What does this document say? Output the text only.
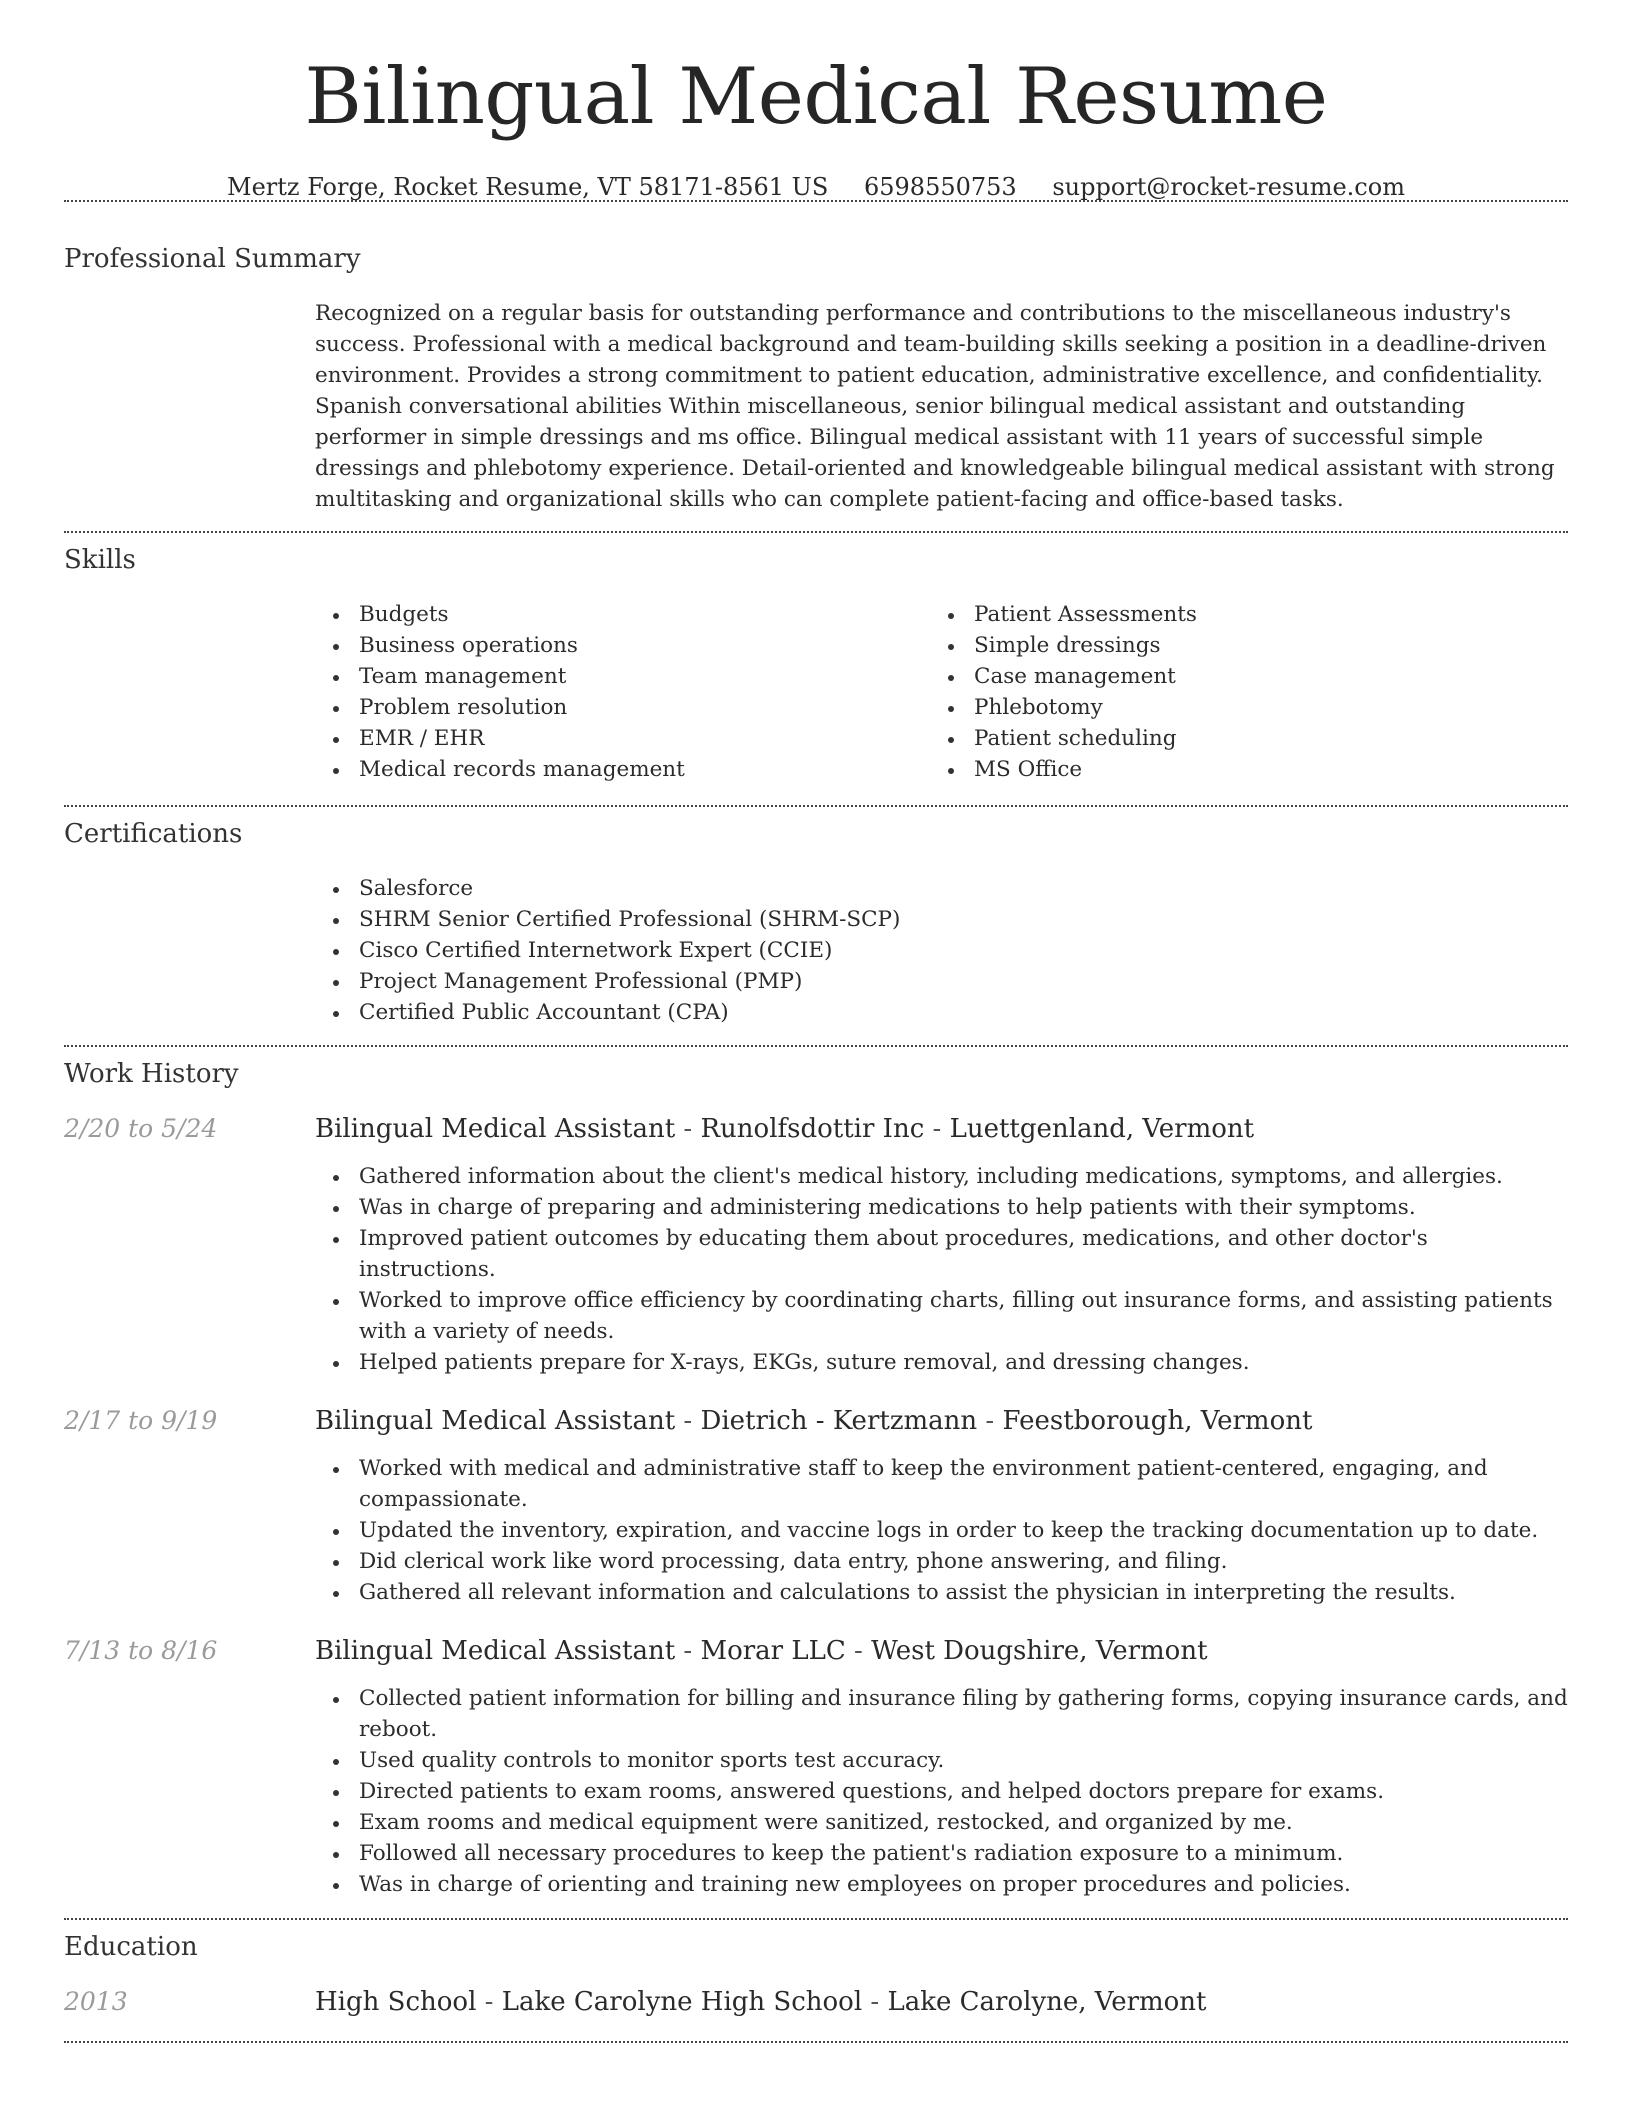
Bilingual Medical Resume
Mertz Forge, Rocket Resume, VT 58171-8561 US 6598550753 support@rocket-resume.com
Professional Summary

Recognized on a regular basis for outstanding performance and contributions to the miscellaneous industry's success. Professional with a medical background and team-building skills seeking a position in a deadline-driven environment. Provides a strong commitment to patient education, administrative excellence, and confidentiality. Spanish conversational abilities Within miscellaneous, senior bilingual medical assistant and outstanding performer in simple dressings and ms office. Bilingual medical assistant with 11 years of successful simple dressings and phlebotomy experience. Detail-oriented and knowledgeable bilingual medical assistant with strong multitasking and organizational skills who can complete patient-facing and office-based tasks.

Skills
Budgets
Business operations
Team management
Problem resolution
EMR / EHR
Medical records management
Patient Assessments
Simple dressings
Case management
Phlebotomy
Patient scheduling
MS Office
Certifications
Salesforce
SHRM Senior Certified Professional (SHRM-SCP)
Cisco Certified Internetwork Expert (CCIE)
Project Management Professional (PMP)
Certified Public Accountant (CPA)
Work History
2/20 to 5/24	Bilingual Medical Assistant - Runolfsdottir Inc - Luettgenland, Vermont
Gathered information about the client's medical history, including medications, symptoms, and allergies.
Was in charge of preparing and administering medications to help patients with their symptoms.
Improved patient outcomes by educating them about procedures, medications, and other doctor's instructions.
Worked to improve office efficiency by coordinating charts, filling out insurance forms, and assisting patients with a variety of needs.
Helped patients prepare for X-rays, EKGs, suture removal, and dressing changes.
2/17 to 9/19	Bilingual Medical Assistant - Dietrich - Kertzmann - Feestborough, Vermont
Worked with medical and administrative staff to keep the environment patient-centered, engaging, and compassionate.
Updated the inventory, expiration, and vaccine logs in order to keep the tracking documentation up to date.
Did clerical work like word processing, data entry, phone answering, and filing.
Gathered all relevant information and calculations to assist the physician in interpreting the results.
7/13 to 8/16	Bilingual Medical Assistant - Morar LLC - West Dougshire, Vermont
Collected patient information for billing and insurance filing by gathering forms, copying insurance cards, and reboot.
Used quality controls to monitor sports test accuracy.
Directed patients to exam rooms, answered questions, and helped doctors prepare for exams.
Exam rooms and medical equipment were sanitized, restocked, and organized by me.
Followed all necessary procedures to keep the patient's radiation exposure to a minimum.
Was in charge of orienting and training new employees on proper procedures and policies.
Education
2013	High School - Lake Carolyne High School - Lake Carolyne, Vermont
